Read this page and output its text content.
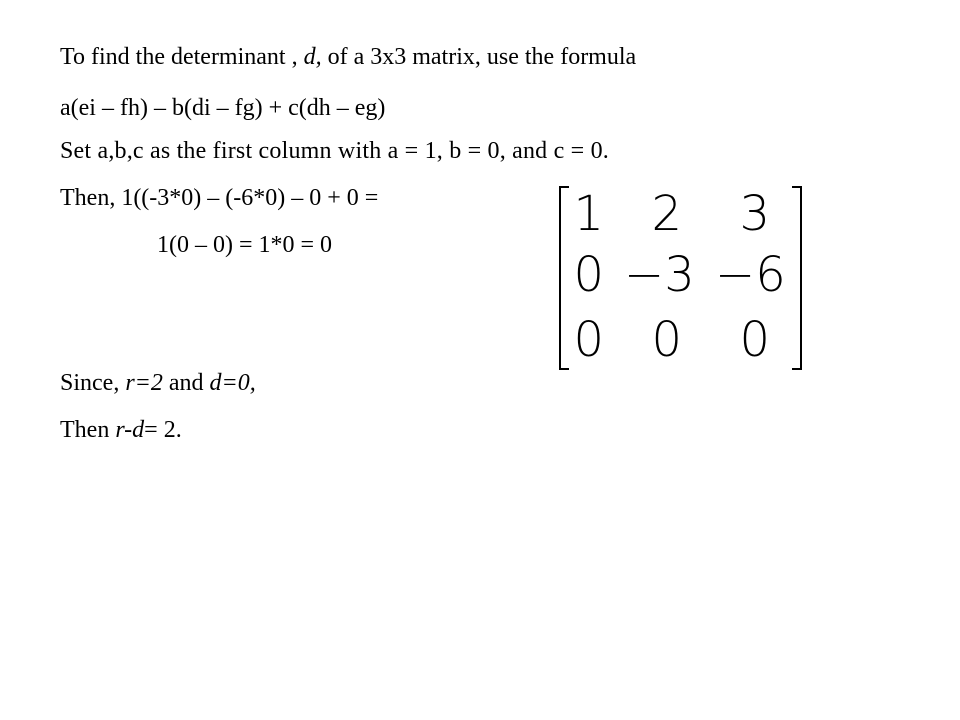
To find the determinant , d, of a 3x3 matrix, use the formula
a(ei – fh) – b(di – fg) + c(dh – eg)
Set a,b,c as the first column with a = 1, b = 0, and c = 0.
Then, 1((-3*0) – (-6*0) – 0 + 0 =
1(0 – 0) = 1*0 = 0
Since, r=2 and d=0,
Then r-d= 2.
1 2	3
0 −3 −6
0 0	0
